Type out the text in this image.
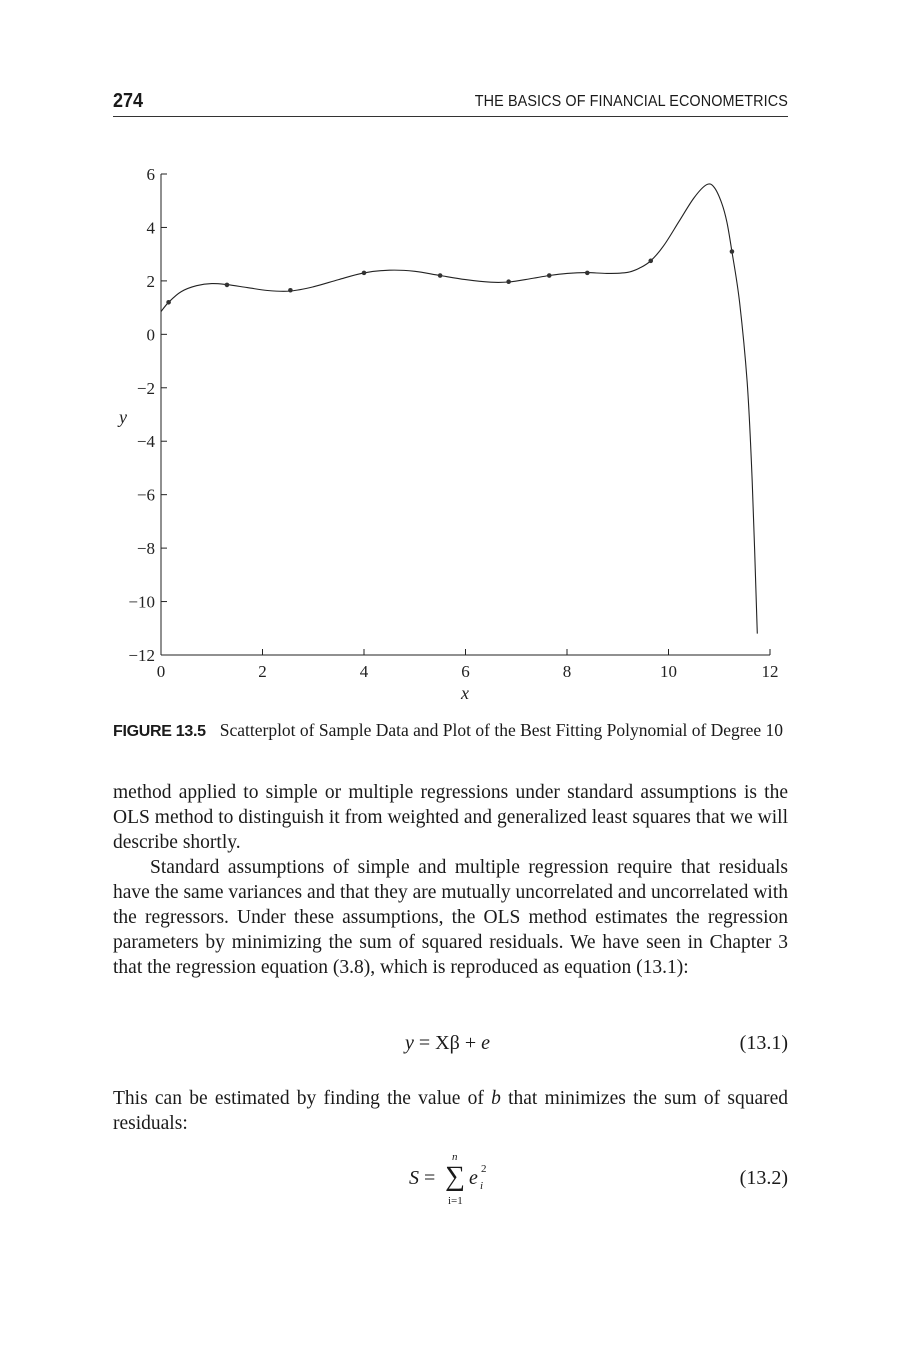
274	THE BASICS OF FINANCIAL ECONOMETRICS
0	2	4	6	8	10	12
6
4
2
0
−2
−4
−6
−8
−10
−12
x
y
FIGURE 13.5 Scatterplot of Sample Data and Plot of the Best Fitting Polynomial of Degree 10

method applied to simple or multiple regressions under standard assumptions is the OLS method to distinguish it from weighted and generalized least squares that we will describe shortly.

Standard assumptions of simple and multiple regression require that residuals have the same variances and that they are mutually uncorrelated and uncorrelated with the regressors. Under these assumptions, the OLS method estimates the regression parameters by minimizing the sum of squared residuals. We have seen in Chapter 3 that the regression equation (3.8), which is reproduced as equation (13.1):

y = Xβ + e	(13.1)

This can be estimated by finding the value of b that minimizes the sum of squared residuals:

S = ∑
n
i=1
e 2
i	(13.2)
